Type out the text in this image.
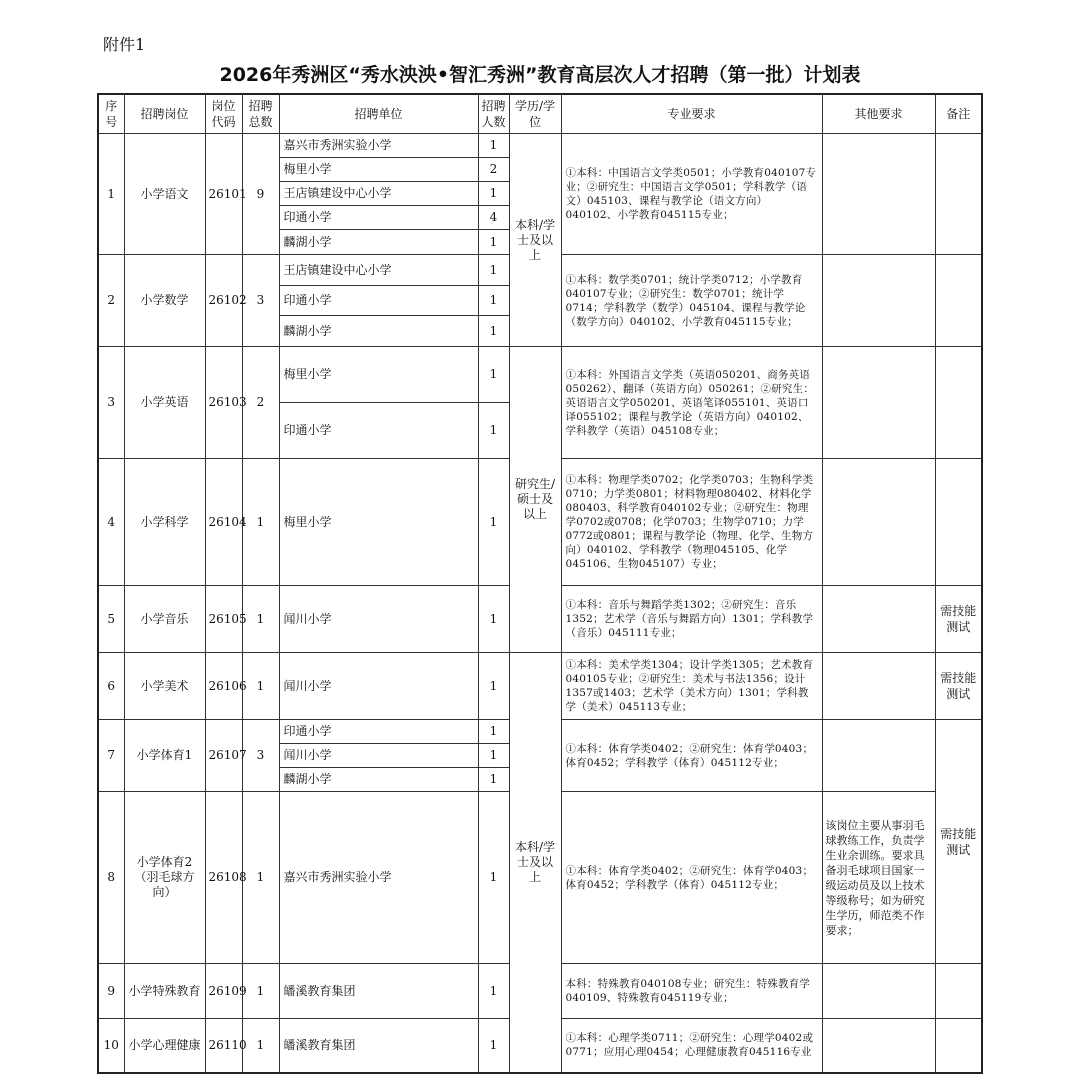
附件1
2026年秀洲区“秀水泱泱•智汇秀洲”教育高层次人才招聘（第一批）计划表
序号	招聘岗位	岗位代码	招聘总数	招聘单位	招聘人数	学历/学位	专业要求	其他要求	备注
1	小学语文	26101	9	嘉兴市秀洲实验小学	1	本科/学士及以上	①本科：中国语言文学类0501；小学教育040107专业；②研究生：中国语言文学0501；学科教学（语文）045103、课程与教学论（语文方向）040102、小学教育045115专业；		
				梅里小学	2				
				王店镇建设中心小学	1				
				印通小学	4				
				麟湖小学	1				
2	小学数学	26102	3	王店镇建设中心小学	1		①本科：数学类0701；统计学类0712；小学教育040107专业；②研究生：数学0701；统计学0714；学科教学（数学）045104、课程与教学论（数学方向）040102、小学教育045115专业；		
				印通小学	1				
				麟湖小学	1				
3	小学英语	26103	2	梅里小学	1	研究生/硕士及以上	①本科：外国语言文学类（英语050201、商务英语050262）、翻译（英语方向）050261；②研究生：英语语言文学050201、英语笔译055101、英语口译055102；课程与教学论（英语方向）040102、学科教学（英语）045108专业；		
				印通小学	1				
4	小学科学	26104	1	梅里小学	1		①本科：物理学类0702；化学类0703；生物科学类0710；力学类0801；材料物理080402、材料化学080403、科学教育040102专业；②研究生：物理学0702或0708；化学0703；生物学0710；力学0772或0801；课程与教学论（物理、化学、生物方向）040102、学科教学（物理045105、化学045106、生物045107）专业；		
5	小学音乐	26105	1	闻川小学	1		①本科：音乐与舞蹈学类1302；②研究生：音乐1352；艺术学（音乐与舞蹈方向）1301；学科教学（音乐）045111专业；		需技能测试
6	小学美术	26106	1	闻川小学	1	本科/学士及以上	①本科：美术学类1304；设计学类1305；艺术教育040105专业；②研究生：美术与书法1356；设计1357或1403；艺术学（美术方向）1301；学科教学（美术）045113专业；		需技能测试
7	小学体育1	26107	3	印通小学	1		①本科：体育学类0402；②研究生：体育学0403；体育0452；学科教学（体育）045112专业；		需技能测试
				闻川小学	1				
				麟湖小学	1				
8	小学体育2（羽毛球方向）	26108	1	嘉兴市秀洲实验小学	1		①本科：体育学类0402；②研究生：体育学0403；体育0452；学科教学（体育）045112专业；	该岗位主要从事羽毛球教练工作，负责学生业余训练。要求具备羽毛球项目国家一级运动员及以上技术等级称号；如为研究生学历，师范类不作要求；	
9	小学特殊教育	26109	1	皤溪教育集团	1		本科：特殊教育040108专业；研究生：特殊教育学040109、特殊教育045119专业；		
10	小学心理健康	26110	1	皤溪教育集团	1		①本科：心理学类0711；②研究生：心理学0402或0771；应用心理0454；心理健康教育045116专业		
